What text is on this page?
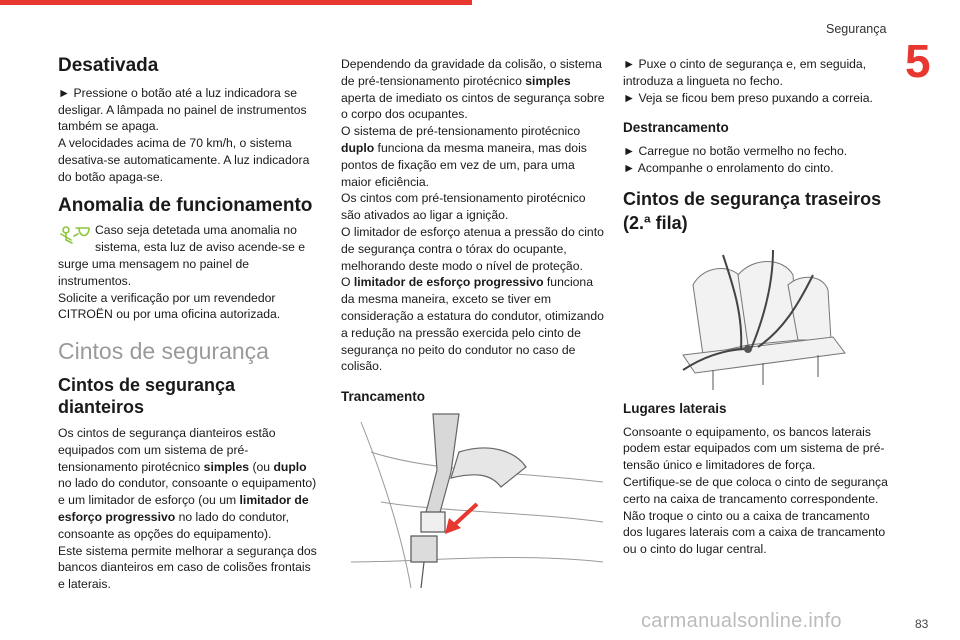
Segurança
5
Desativada

► Pressione o botão até a luz indicadora se desligar. A lâmpada no painel de instrumentos também se apaga.

A velocidades acima de 70 km/h, o sistema desativa-se automaticamente. A luz indicadora do botão apaga-se.

Anomalia de funcionamento

Caso seja detetada uma anomalia no sistema, esta luz de aviso acende-se e

surge uma mensagem no painel de instrumentos.

Solicite a verificação por um revendedor CITROËN ou por uma oficina autorizada.

Cintos de segurança
Cintos de segurança dianteiros

Os cintos de segurança dianteiros estão equipados com um sistema de pré-tensionamento pirotécnico simples (ou duplo no lado do condutor, consoante o equipamento) e um limitador de esforço (ou um limitador de esforço progressivo no lado do condutor, consoante as opções do equipamento).

Este sistema permite melhorar a segurança dos bancos dianteiros em caso de colisões frontais e laterais.

Dependendo da gravidade da colisão, o sistema de pré-tensionamento pirotécnico simples aperta de imediato os cintos de segurança sobre o corpo dos ocupantes.

O sistema de pré-tensionamento pirotécnico duplo funciona da mesma maneira, mas dois pontos de fixação em vez de um, para uma maior eficiência.

Os cintos com pré-tensionamento pirotécnico são ativados ao ligar a ignição.

O limitador de esforço atenua a pressão do cinto de segurança contra o tórax do ocupante, melhorando deste modo o nível de proteção.

O limitador de esforço progressivo funciona da mesma maneira, exceto se tiver em consideração a estatura do condutor, otimizando a redução na pressão exercida pelo cinto de segurança no peito do condutor no caso de colisão.

Trancamento

► Puxe o cinto de segurança e, em seguida, introduza a lingueta no fecho.

► Veja se ficou bem preso puxando a correia.

Destrancamento

► Carregue no botão vermelho no fecho.

► Acompanhe o enrolamento do cinto.

Cintos de segurança traseiros (2.ª fila)
Lugares laterais

Consoante o equipamento, os bancos laterais podem estar equipados com um sistema de pré-tensão único e limitadores de força.

Certifique-se de que coloca o cinto de segurança certo na caixa de trancamento correspondente.

Não troque o cinto ou a caixa de trancamento dos lugares laterais com a caixa de trancamento ou o cinto do lugar central.

carmanualsonline.info	83
